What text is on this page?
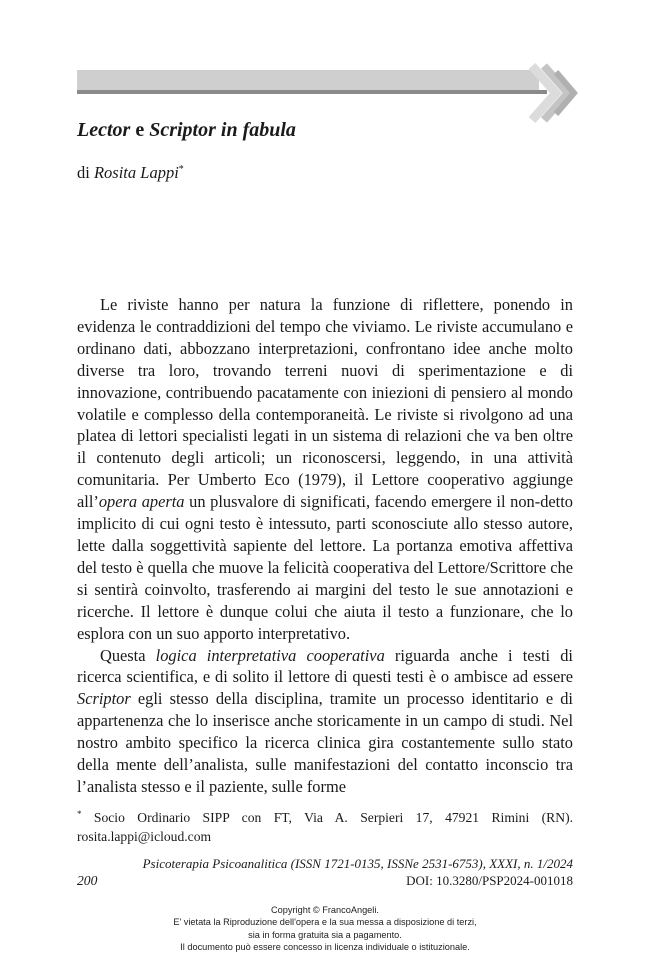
Lector e Scriptor in fabula
di Rosita Lappi*

Le riviste hanno per natura la funzione di riflettere, ponendo in evidenza le contraddizioni del tempo che viviamo. Le riviste accumulano e ordinano dati, abbozzano interpretazioni, confrontano idee anche molto diverse tra loro, trovando terreni nuovi di sperimentazione e di innovazione, contribuendo pacatamente con iniezioni di pensiero al mondo volatile e complesso della contemporaneità. Le riviste si rivolgono ad una platea di lettori specialisti legati in un sistema di relazioni che va ben oltre il contenuto degli articoli; un riconoscersi, leggendo, in una attività comunitaria. Per Umberto Eco (1979), il Lettore cooperativo aggiunge all’opera aperta un plusvalore di significati, facendo emergere il non-detto implicito di cui ogni testo è intessuto, parti sconosciute allo stesso autore, lette dalla soggettività sapiente del lettore. La portanza emotiva affettiva del testo è quella che muove la felicità cooperativa del Lettore/Scrittore che si sentirà coinvolto, trasferendo ai margini del testo le sue annotazioni e ricerche. Il lettore è dunque colui che aiuta il testo a funzionare, che lo esplora con un suo apporto interpretativo.

Questa logica interpretativa cooperativa riguarda anche i testi di ricerca scientifica, e di solito il lettore di questi testi è o ambisce ad essere Scriptor egli stesso della disciplina, tramite un processo identitario e di appartenenza che lo inserisce anche storicamente in un campo di studi. Nel nostro ambito specifico la ricerca clinica gira costantemente sullo stato della mente dell’analista, sulle manifestazioni del contatto inconscio tra l’analista stesso e il paziente, sulle forme

* Socio Ordinario SIPP con FT, Via A. Serpieri 17, 47921 Rimini (RN). rosita.lappi@icloud.com
Psicoterapia Psicoanalitica (ISSN 1721-0135, ISSNe 2531-6753), XXXI, n. 1/2024
200	DOI: 10.3280/PSP2024-001018
Copyright © FrancoAngeli.
E' vietata la Riproduzione dell'opera e la sua messa a disposizione di terzi,
sia in forma gratuita sia a pagamento.
Il documento può essere concesso in licenza individuale o istituzionale.
